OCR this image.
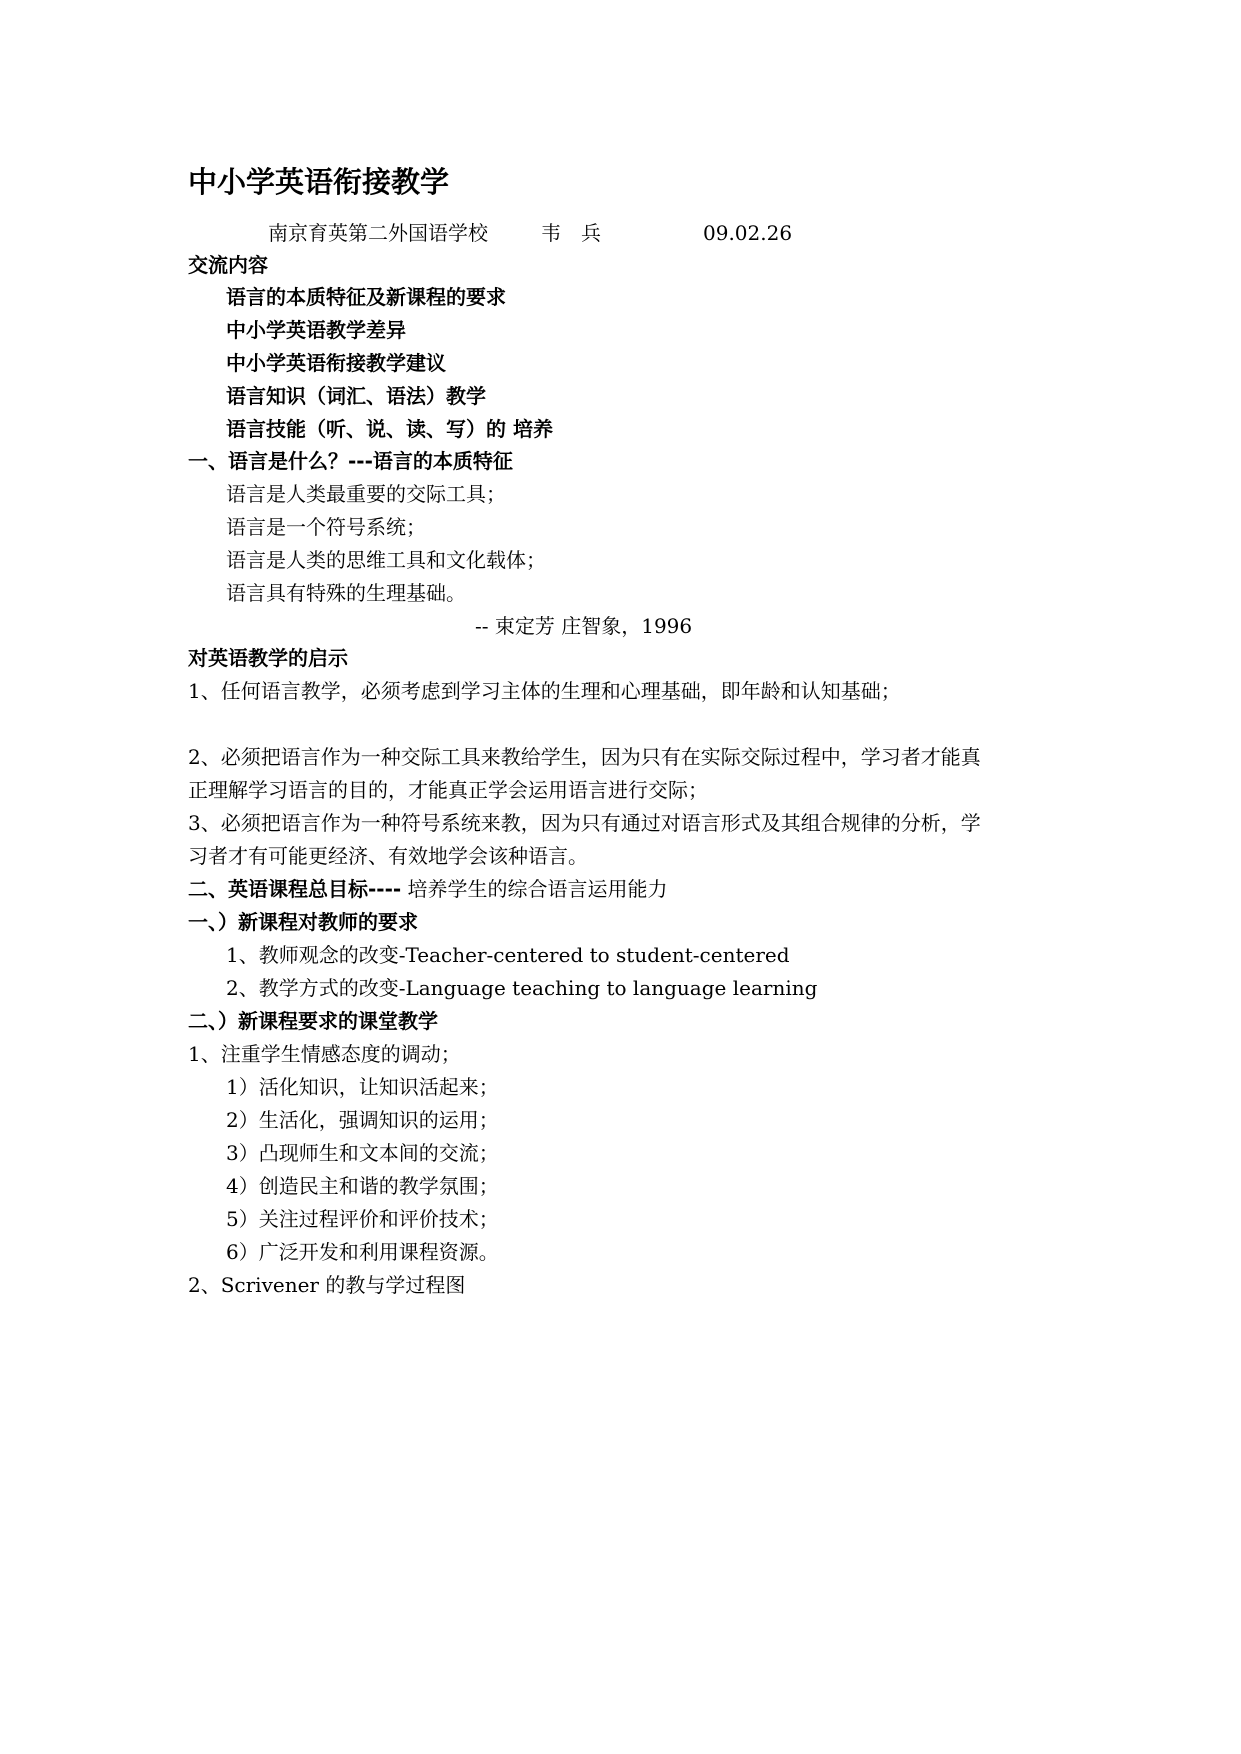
中小学英语衔接教学
南京育英第二外国语学校	韦　兵	09.02.26
交流内容
语言的本质特征及新课程的要求
中小学英语教学差异
中小学英语衔接教学建议
语言知识（词汇、语法）教学
语言技能（听、说、读、写）的 培养
一、语言是什么？---语言的本质特征
语言是人类最重要的交际工具；
语言是一个符号系统；
语言是人类的思维工具和文化载体；
语言具有特殊的生理基础。
-- 束定芳 庄智象，1996
对英语教学的启示
1、任何语言教学，必须考虑到学习主体的生理和心理基础，即年龄和认知基础；
2、必须把语言作为一种交际工具来教给学生，因为只有在实际交际过程中，学习者才能真
正理解学习语言的目的，才能真正学会运用语言进行交际；
3、必须把语言作为一种符号系统来教，因为只有通过对语言形式及其组合规律的分析，学
习者才有可能更经济、有效地学会该种语言。
二、英语课程总目标---- 培养学生的综合语言运用能力
一、）新课程对教师的要求
1、教师观念的改变-Teacher-centered to student-centered
2、教学方式的改变-Language teaching to language learning
二、）新课程要求的课堂教学
1、注重学生情感态度的调动；
1）活化知识，让知识活起来；
2）生活化，强调知识的运用；
3）凸现师生和文本间的交流；
4）创造民主和谐的教学氛围；
5）关注过程评价和评价技术；
6）广泛开发和利用课程资源。
2、Scrivener 的教与学过程图
